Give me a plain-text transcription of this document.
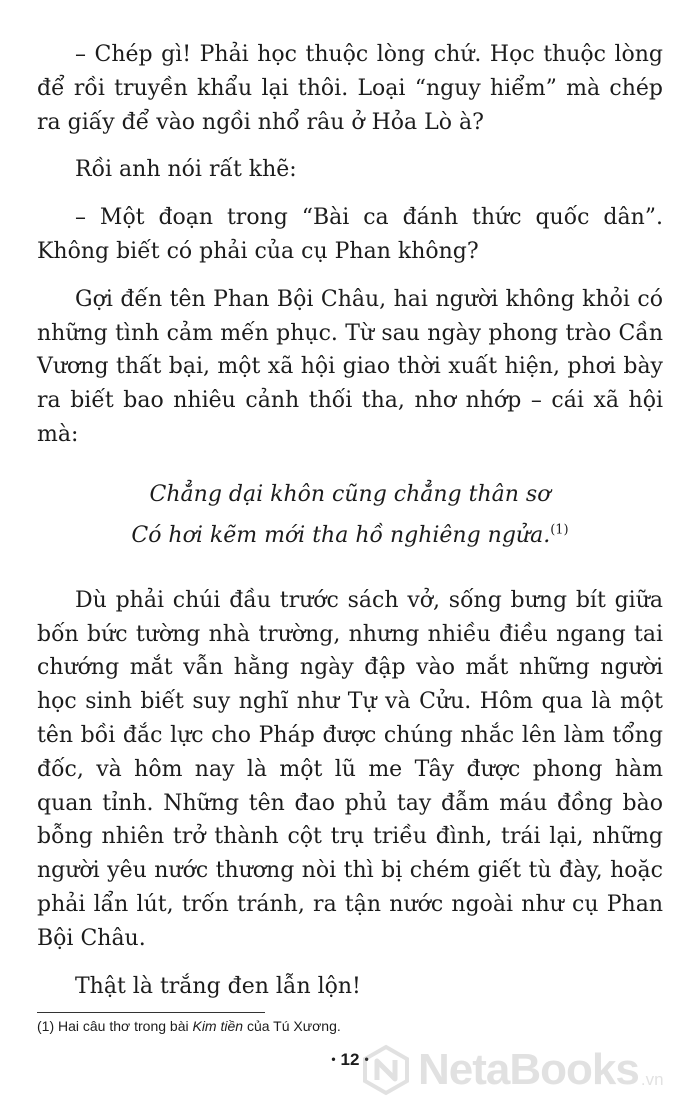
– Chép gì! Phải học thuộc lòng chứ. Học thuộc lòng để rồi truyền khẩu lại thôi. Loại “nguy hiểm” mà chép ra giấy để vào ngồi nhổ râu ở Hỏa Lò à?

Rồi anh nói rất khẽ:

– Một đoạn trong “Bài ca đánh thức quốc dân”. Không biết có phải của cụ Phan không?

Gợi đến tên Phan Bội Châu, hai người không khỏi có những tình cảm mến phục. Từ sau ngày phong trào Cần Vương thất bại, một xã hội giao thời xuất hiện, phơi bày ra biết bao nhiêu cảnh thối tha, nhơ nhớp – cái xã hội mà:

Chẳng dại khôn cũng chẳng thân sơ
Có hơi kẽm mới tha hồ nghiêng ngửa.$^{(1)}$

Dù phải chúi đầu trước sách vở, sống bưng bít giữa bốn bức tường nhà trường, nhưng nhiều điều ngang tai chướng mắt vẫn hằng ngày đập vào mắt những người học sinh biết suy nghĩ như Tự và Cửu. Hôm qua là một tên bồi đắc lực cho Pháp được chúng nhắc lên làm tổng đốc, và hôm nay là một lũ me Tây được phong hàm quan tỉnh. Những tên đao phủ tay đẫm máu đồng bào bỗng nhiên trở thành cột trụ triều đình, trái lại, những người yêu nước thương nòi thì bị chém giết tù đày, hoặc phải lẩn lút, trốn tránh, ra tận nước ngoài như cụ Phan Bội Châu.

Thật là trắng đen lẫn lộn!

(1) Hai câu thơ trong bài Kim tiền của Tú Xương.
• 12 •	NetaBooks .vn
